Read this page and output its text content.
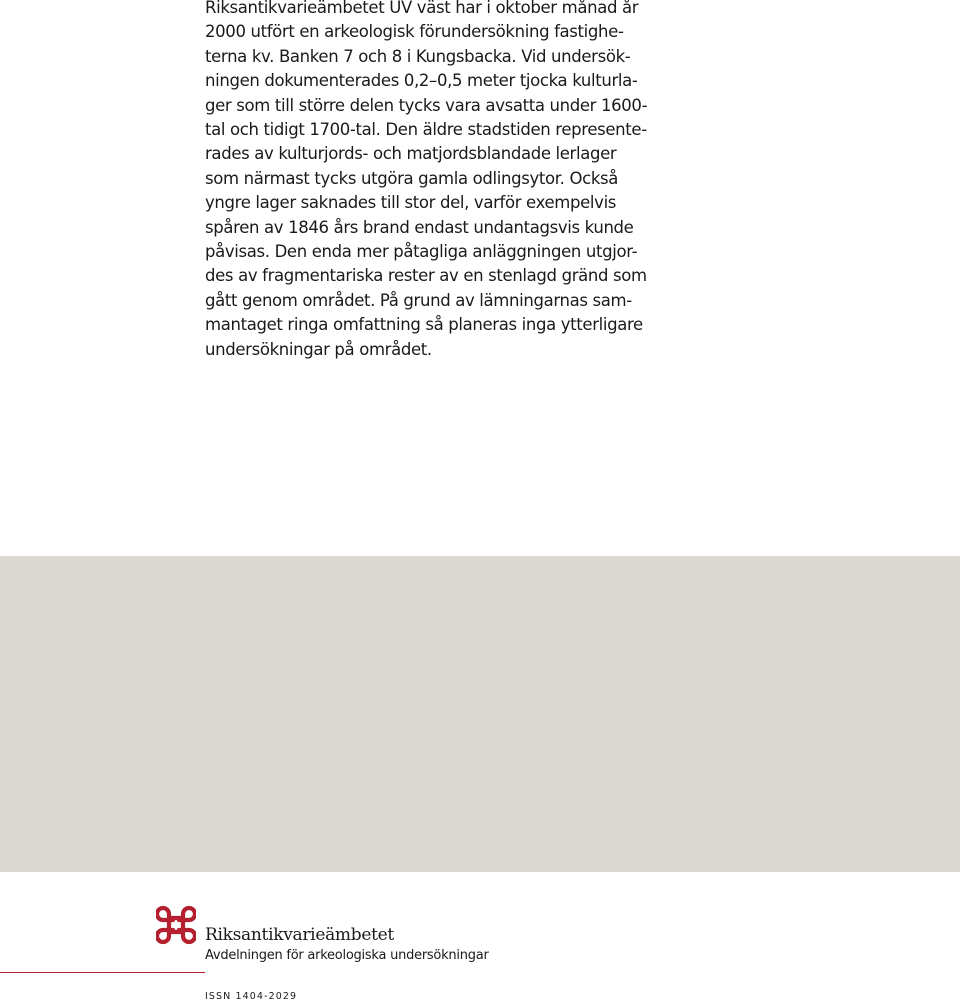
Riksantikvarieämbetet UV väst har i oktober månad år
2000 utfört en arkeologisk förundersökning fastighe-
terna kv. Banken 7 och 8 i Kungsbacka. Vid undersök-
ningen dokumenterades 0,2–0,5 meter tjocka kulturla-
ger som till större delen tycks vara avsatta under 1600-
tal och tidigt 1700-tal. Den äldre stadstiden represente-
rades av kulturjords- och matjordsblandade lerlager
som närmast tycks utgöra gamla odlingsytor. Också
yngre lager saknades till stor del, varför exempelvis
spåren av 1846 års brand endast undantagsvis kunde
påvisas. Den enda mer påtagliga anläggningen utgjor-
des av fragmentariska rester av en stenlagd gränd som
gått genom området. På grund av lämningarnas sam-
mantaget ringa omfattning så planeras inga ytterligare
undersökningar på området.
Riksantikvarieämbetet
Avdelningen för arkeologiska undersökningar
ISSN 1404-2029
